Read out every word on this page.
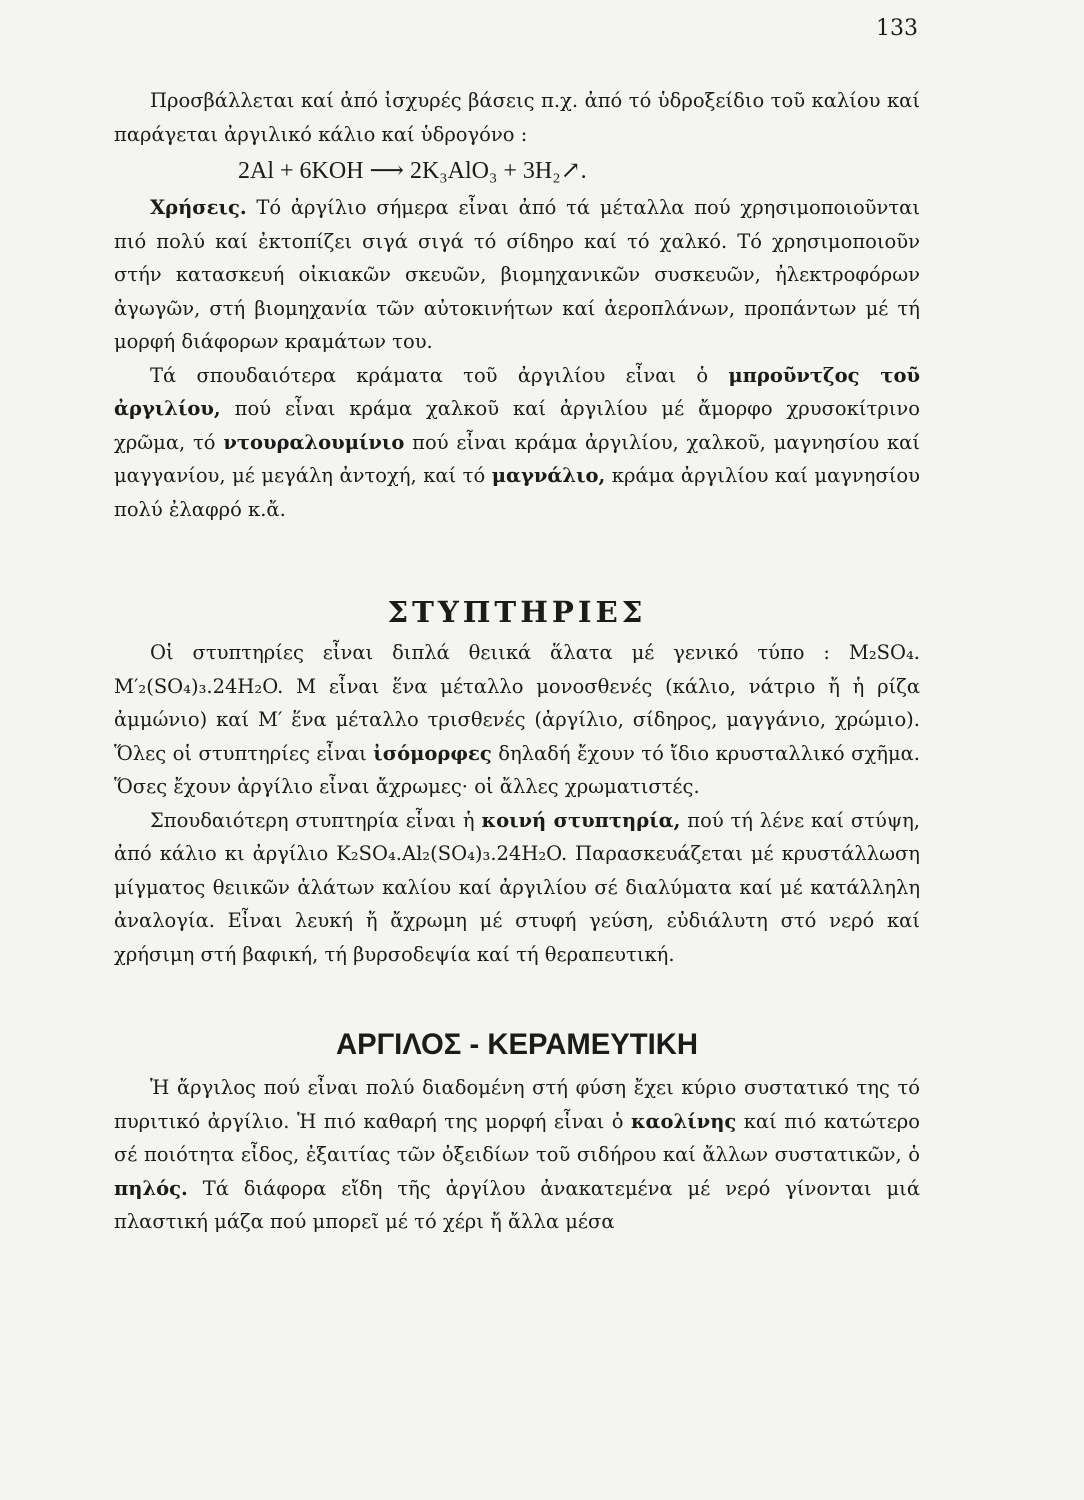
133

Προσβάλλεται καί ἀπό ἰσχυρές βάσεις π.χ. ἀπό τό ὑδροξείδιο τοῦ καλίου καί παράγεται ἀργιλικό κάλιο καί ὑδρογόνο :

2Al + 6KOH ⟶ 2K₃AlO₃ + 3H₂↗.

Χρήσεις. Τό ἀργίλιο σήμερα εἶναι ἀπό τά μέταλλα πού χρησιμοποιοῦνται πιό πολύ καί ἐκτοπίζει σιγά σιγά τό σίδηρο καί τό χαλκό. Τό χρησιμοποιοῦν στήν κατασκευή οἰκιακῶν σκευῶν, βιομηχανικῶν συσκευῶν, ἠλεκτροφόρων ἀγωγῶν, στή βιομηχανία τῶν αὐτοκινήτων καί ἀεροπλάνων, προπάντων μέ τή μορφή διάφορων κραμάτων του.

Τά σπουδαιότερα κράματα τοῦ ἀργιλίου εἶναι ὁ μπροῦντζος τοῦ ἀργιλίου, πού εἶναι κράμα χαλκοῦ καί ἀργιλίου μέ ἄμορφο χρυσοκίτρινο χρῶμα, τό ντουραλουμίνιο πού εἶναι κράμα ἀργιλίου, χαλκοῦ, μαγνησίου καί μαγγανίου, μέ μεγάλη ἀντοχή, καί τό μαγνάλιο, κράμα ἀργιλίου καί μαγνησίου πολύ ἐλαφρό κ.ἄ.

ΣΤΥΠΤΗΡΙΕΣ

Οἱ στυπτηρίες εἶναι διπλά θειικά ἅλατα μέ γενικό τύπο : M₂SO₄. M′₂(SO₄)₃.24H₂O. M εἶναι ἕνα μέταλλο μονοσθενές (κάλιο, νάτριο ἤ ἡ ρίζα ἀμμώνιο) καί M′ ἕνα μέταλλο τρισθενές (ἀργίλιο, σίδηρος, μαγγάνιο, χρώμιο). Ὅλες οἱ στυπτηρίες εἶναι ἰσόμορφες δηλαδή ἔχουν τό ἴδιο κρυσταλλικό σχῆμα. Ὅσες ἔχουν ἀργίλιο εἶναι ἄχρωμες· οἱ ἄλλες χρωματιστές.

Σπουδαιότερη στυπτηρία εἶναι ἡ κοινή στυπτηρία, πού τή λένε καί στύψη, ἀπό κάλιο κι ἀργίλιο K₂SO₄.Al₂(SO₄)₃.24H₂O. Παρασκευάζεται μέ κρυστάλλωση μίγματος θειικῶν ἁλάτων καλίου καί ἀργιλίου σέ διαλύματα καί μέ κατάλληλη ἀναλογία. Εἶναι λευκή ἤ ἄχρωμη μέ στυφή γεύση, εὐδιάλυτη στό νερό καί χρήσιμη στή βαφική, τή βυρσοδεψία καί τή θεραπευτική.

ΑΡΓΙΛΟΣ - ΚΕΡΑΜΕΥΤΙΚΗ

Ἡ ἄργιλος πού εἶναι πολύ διαδομένη στή φύση ἔχει κύριο συστατικό της τό πυριτικό ἀργίλιο. Ἡ πιό καθαρή της μορφή εἶναι ὁ καολίνης καί πιό κατώτερο σέ ποιότητα εἶδος, ἐξαιτίας τῶν ὀξειδίων τοῦ σιδήρου καί ἄλλων συστατικῶν, ὁ πηλός. Τά διάφορα εἴδη τῆς ἀργίλου ἀνακατεμένα μέ νερό γίνονται μιά πλαστική μάζα πού μπορεῖ μέ τό χέρι ἤ ἄλλα μέσα
